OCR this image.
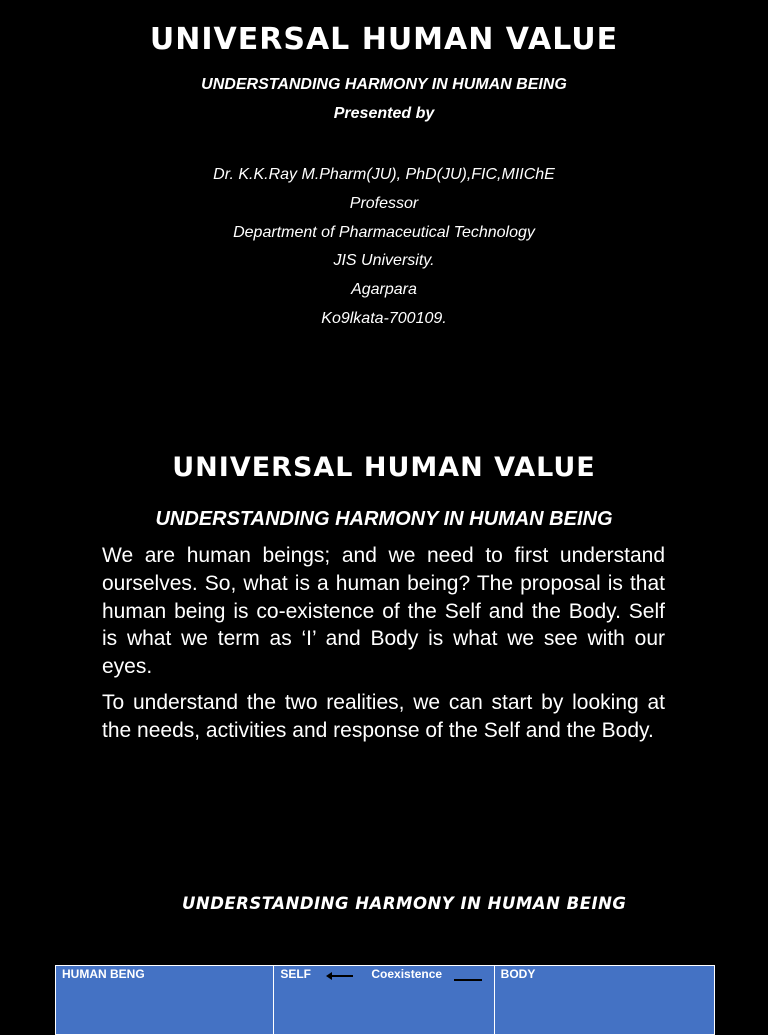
UNIVERSAL HUMAN VALUE
UNDERSTANDING HARMONY IN HUMAN BEING
Presented by
Dr. K.K.Ray M.Pharm(JU), PhD(JU),FIC,MIIChE
Professor
Department of Pharmaceutical Technology
JIS University.
Agarpara
Ko9lkata-700109.
UNIVERSAL HUMAN VALUE
UNDERSTANDING HARMONY IN HUMAN BEING

We are human beings; and we need to first understand ourselves. So, what is a human being? The proposal is that human being is co-existence of the Self and the Body. Self is what we term as ‘I’ and Body is what we see with our eyes.

To understand the two realities, we can start by looking at the needs, activities and response of the Self and the Body.

UNDERSTANDING HARMONY IN HUMAN BEING
HUMAN BENG	SELF	Coexistence	BODY
